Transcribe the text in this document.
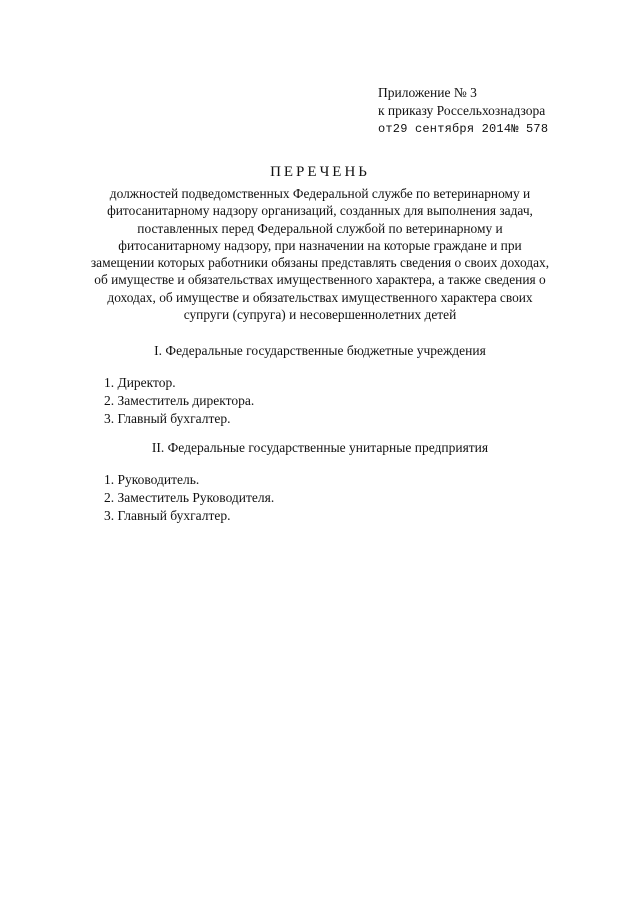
Приложение № 3
к приказу Россельхознадзора
от29 сентября 2014№ 578
ПЕРЕЧЕНЬ
должностей подведомственных Федеральной службе по ветеринарному и
фитосанитарному надзору организаций, созданных для выполнения задач,
поставленных перед Федеральной службой по ветеринарному и
фитосанитарному надзору, при назначении на которые граждане и при
замещении которых работники обязаны представлять сведения о своих доходах,
об имуществе и обязательствах имущественного характера, а также сведения о
доходах, об имуществе и обязательствах имущественного характера своих
супруги (супруга) и несовершеннолетних детей
I. Федеральные государственные бюджетные учреждения
1. Директор.
2. Заместитель директора.
3. Главный бухгалтер.
II. Федеральные государственные унитарные предприятия
1. Руководитель.
2. Заместитель Руководителя.
3. Главный бухгалтер.
